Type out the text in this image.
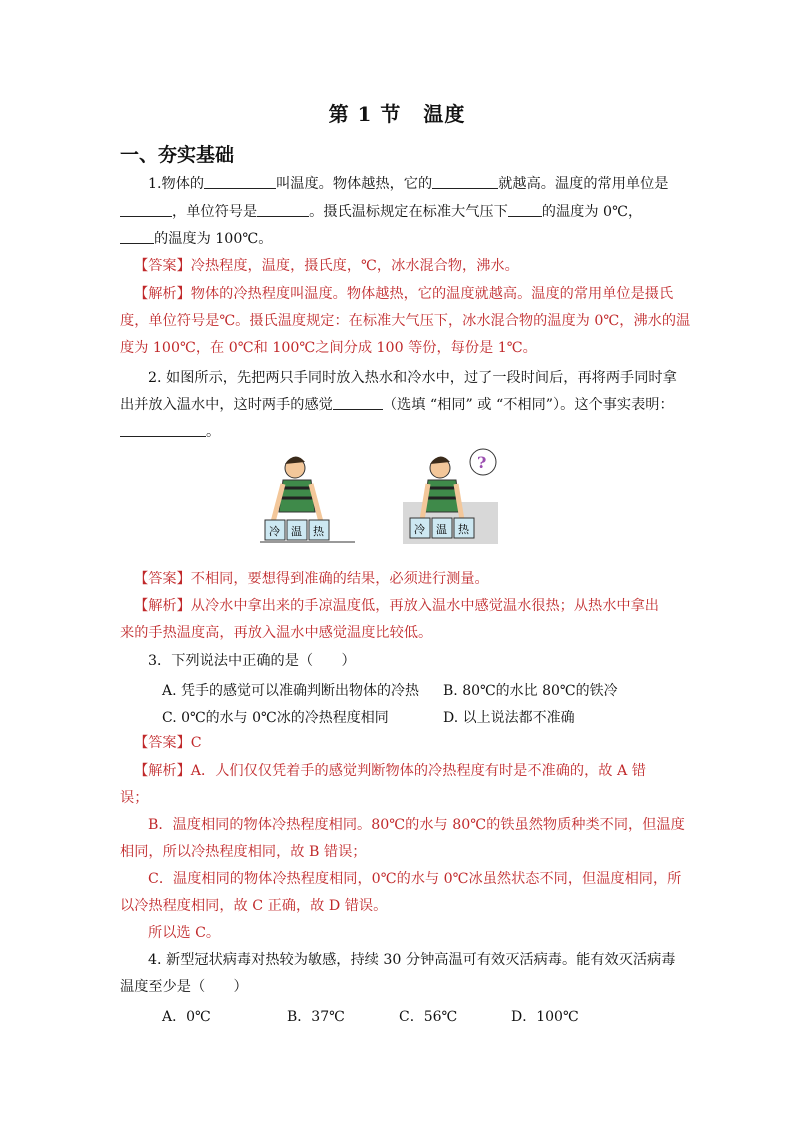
第 1 节 温度
一、夯实基础
1.物体的	叫温度。物体越热，它的	就越高。温度的常用单位是
，单位符号是	。摄氏温标规定在标准大气压下 的温度为 0℃，
的温度为 100℃。
【答案】冷热程度，温度，摄氏度，℃，冰水混合物，沸水。
【解析】物体的冷热程度叫温度。物体越热，它的温度就越高。温度的常用单位是摄氏
度，单位符号是℃。摄氏温度规定：在标准大气压下，冰水混合物的温度为 0℃，沸水的温
度为 100℃，在 0℃和 100℃之间分成 100 等份，每份是 1℃。
2. 如图所示，先把两只手同时放入热水和冷水中，过了一段时间后，再将两手同时拿
出并放入温水中，这时两手的感觉	（选填 “相同” 或 “不相同”）。这个事实表明：
。
冷 温 热
?
冷 温 热
【答案】不相同，要想得到准确的结果，必须进行测量。
【解析】从冷水中拿出来的手凉温度低，再放入温水中感觉温水很热；从热水中拿出
来的手热温度高，再放入温水中感觉温度比较低。
3．下列说法中正确的是（　　）
A. 凭手的感觉可以准确判断出物体的冷热 B. 80℃的水比 80℃的铁冷
C. 0℃的水与 0℃冰的冷热程度相同	D. 以上说法都不准确
【答案】C
【解析】A．人们仅仅凭着手的感觉判断物体的冷热程度有时是不准确的，故 A 错
误；
B．温度相同的物体冷热程度相同。80℃的水与 80℃的铁虽然物质种类不同，但温度
相同，所以冷热程度相同，故 B 错误；
C．温度相同的物体冷热程度相同，0℃的水与 0℃冰虽然状态不同，但温度相同，所
以冷热程度相同，故 C 正确，故 D 错误。
所以选 C。
4. 新型冠状病毒对热较为敏感，持续 30 分钟高温可有效灭活病毒。能有效灭活病毒
温度至少是（　　）
A．0℃	B．37℃	C．56℃	D．100℃
